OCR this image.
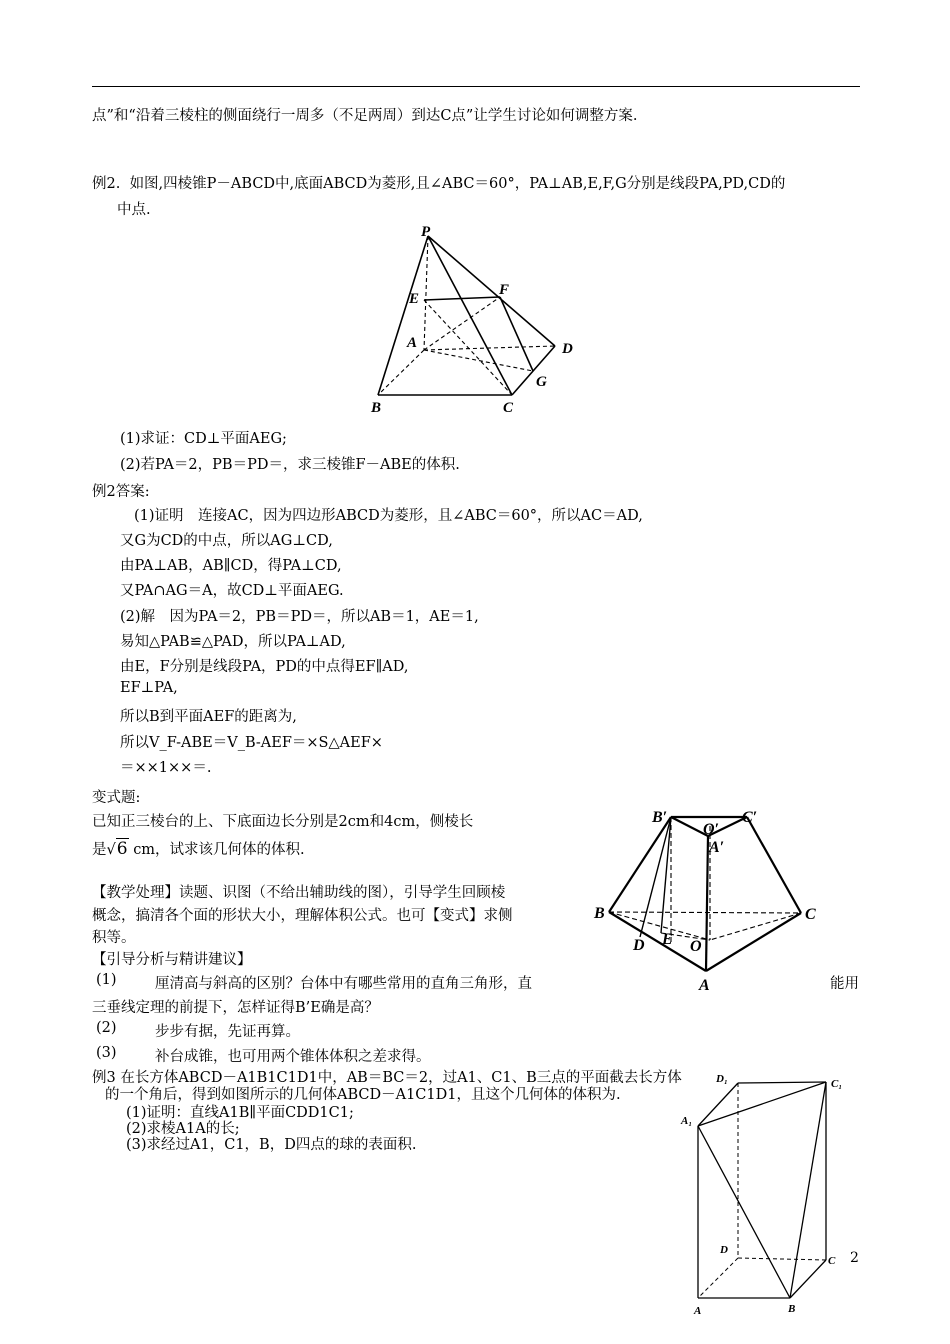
点”和“沿着三棱柱的侧面绕行一周多（不足两周）到达C点”让学生讨论如何调整方案.
例2. 如图,四棱锥P－ABCD中,底面ABCD为菱形,且∠ABC＝60°，PA⊥AB,E,F,G分别是线段PA,PD,CD的
中点.
P
E
F
A	D
G
B	C
(1)求证：CD⊥平面AEG;
(2)若PA＝2，PB＝PD＝，求三棱锥F－ABE的体积.
例2答案:
(1)证明　连接AC，因为四边形ABCD为菱形，且∠ABC＝60°，所以AC＝AD,
又G为CD的中点，所以AG⊥CD,
由PA⊥AB，AB∥CD，得PA⊥CD,
又PA∩AG＝A，故CD⊥平面AEG.
(2)解　因为PA＝2，PB＝PD＝，所以AB＝1，AE＝1,
易知△PAB≌△PAD，所以PA⊥AD,
由E，F分别是线段PA，PD的中点得EF∥AD,
EF⊥PA,
所以B到平面AEF的距离为,
所以V_F-ABE＝V_B-AEF＝×S△AEF×
＝××1××＝.
变式题:
已知正三棱台的上、下底面边长分别是2cm和4cm，侧棱长
是√6 cm，试求该几何体的体积.
B′
O′
C′
A′
B	C
D E O
A
【教学处理】读题、识图（不给出辅助线的图），引导学生回顾棱
概念，搞清各个面的形状大小，理解体积公式。也可【变式】求侧
积等。
【引导分析与精讲建议】
(1)	厘清高与斜高的区别？台体中有哪些常用的直角三角形，直	能用
三垂线定理的前提下，怎样证得B’E确是高？
(2)	步步有据，先证再算。
(3)	补台成锥，也可用两个锥体体积之差求得。
例3 在长方体ABCD－A1B1C1D1中，AB＝BC＝2，过A1、C1、B三点的平面截去长方体
的一个角后，得到如图所示的几何体ABCD－A1C1D1，且这个几何体的体积为.
(1)证明：直线A1B∥平面CDD1C1;
(2)求棱A1A的长;
(3)求经过A1，C1，B，D四点的球的表面积.
D₁	C₁
A₁
D
C
A	B
2
